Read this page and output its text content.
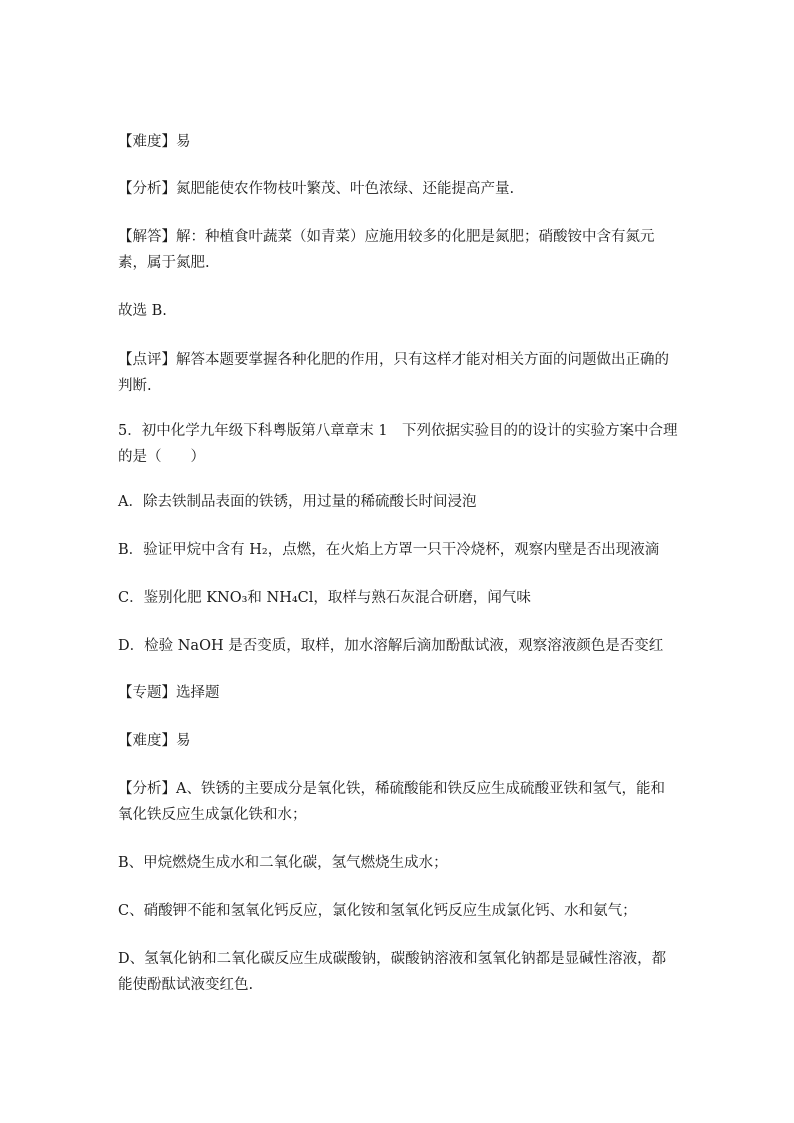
【难度】易

【分析】氮肥能使农作物枝叶繁茂、叶色浓绿、还能提高产量.

【解答】解：种植食叶蔬菜（如青菜）应施用较多的化肥是氮肥；硝酸铵中含有氮元素，属于氮肥.

故选 B.

【点评】解答本题要掌握各种化肥的作用，只有这样才能对相关方面的问题做出正确的判断.

5．初中化学九年级下科粤版第八章章末 1　下列依据实验目的的设计的实验方案中合理的是（　　）

A．除去铁制品表面的铁锈，用过量的稀硫酸长时间浸泡

B．验证甲烷中含有 H₂，点燃，在火焰上方罩一只干冷烧杯，观察内壁是否出现液滴

C．鉴别化肥 KNO₃和 NH₄Cl，取样与熟石灰混合研磨，闻气味

D．检验 NaOH 是否变质，取样，加水溶解后滴加酚酞试液，观察溶液颜色是否变红

【专题】选择题

【难度】易

【分析】A、铁锈的主要成分是氧化铁，稀硫酸能和铁反应生成硫酸亚铁和氢气，能和氧化铁反应生成氯化铁和水；

B、甲烷燃烧生成水和二氧化碳，氢气燃烧生成水；

C、硝酸钾不能和氢氧化钙反应，氯化铵和氢氧化钙反应生成氯化钙、水和氨气；

D、氢氧化钠和二氧化碳反应生成碳酸钠，碳酸钠溶液和氢氧化钠都是显碱性溶液，都能使酚酞试液变红色.
